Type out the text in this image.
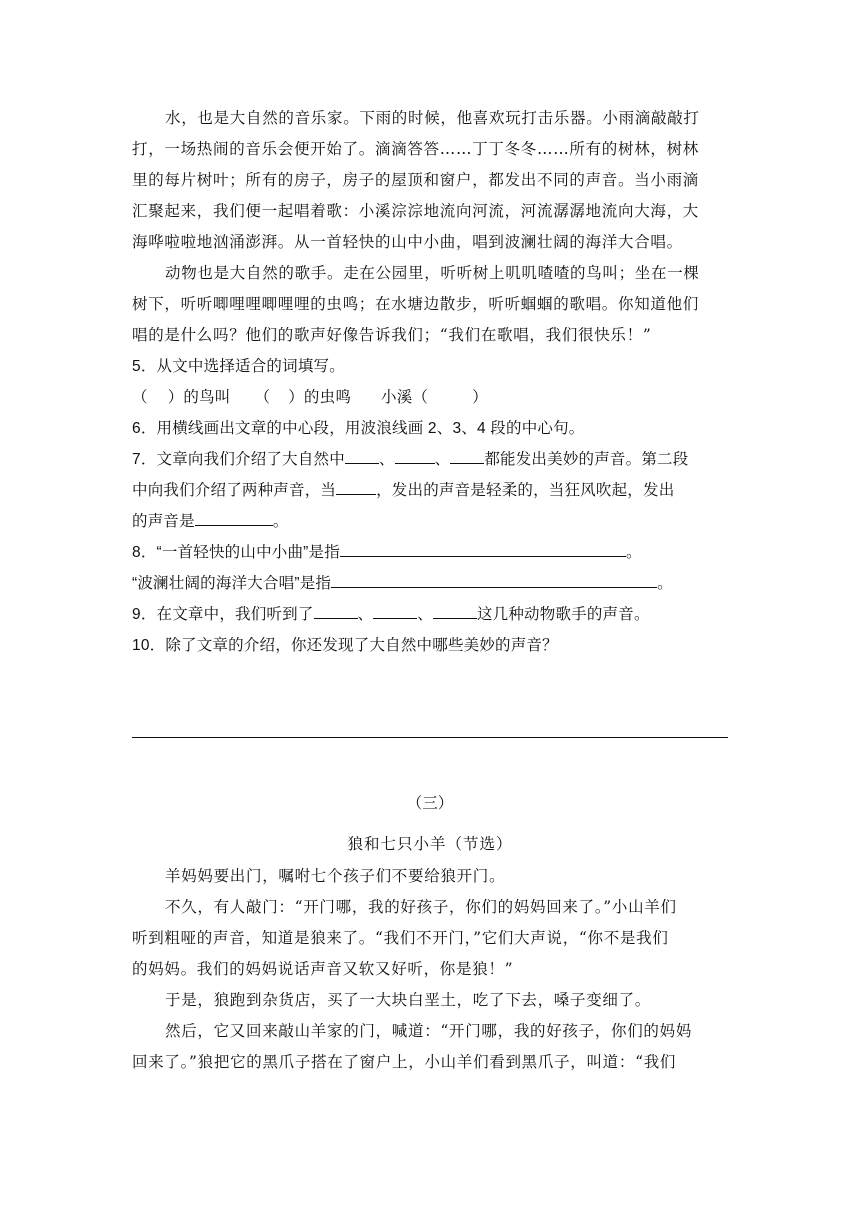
水，也是大自然的音乐家。下雨的时候，他喜欢玩打击乐器。小雨滴敲敲打
打，一场热闹的音乐会便开始了。滴滴答答……丁丁冬冬……所有的树林，树林
里的每片树叶；所有的房子，房子的屋顶和窗户，都发出不同的声音。当小雨滴
汇聚起来，我们便一起唱着歌：小溪淙淙地流向河流，河流潺潺地流向大海，大
海哗啦啦地汹涌澎湃。从一首轻快的山中小曲，唱到波澜壮阔的海洋大合唱。
动物也是大自然的歌手。走在公园里，听听树上叽叽喳喳的鸟叫；坐在一棵
树下，听听唧哩哩唧哩哩的虫鸣；在水塘边散步，听听蝈蝈的歌唱。你知道他们
唱的是什么吗？他们的歌声好像告诉我们；“我们在歌唱，我们很快乐！”
5．从文中选择适合的词填写。
（ ）的鸟叫 （ ）的虫鸣 小溪（	）
6．用横线画出文章的中心段，用波浪线画 2、3、4 段的中心句。
7．文章向我们介绍了大自然中 、	、 都能发出美妙的声音。第二段
中向我们介绍了两种声音，当	，发出的声音是轻柔的，当狂风吹起，发出
的声音是	。
8．“一首轻快的山中小曲”是指	。
“波澜壮阔的海洋大合唱”是指	。
9．在文章中，我们听到了	、	、	这几种动物歌手的声音。
10．除了文章的介绍，你还发现了大自然中哪些美妙的声音？
（三）
狼和七只小羊（节选）
羊妈妈要出门，嘱咐七个孩子们不要给狼开门。
不久，有人敲门：“开门哪，我的好孩子，你们的妈妈回来了。”小山羊们
听到粗哑的声音，知道是狼来了。“我们不开门，”它们大声说，“你不是我们
的妈妈。我们的妈妈说话声音又软又好听，你是狼！”
于是，狼跑到杂货店，买了一大块白垩土，吃了下去，嗓子变细了。
然后，它又回来敲山羊家的门，喊道：“开门哪，我的好孩子，你们的妈妈
回来了。”狼把它的黑爪子搭在了窗户上，小山羊们看到黑爪子，叫道：“我们
